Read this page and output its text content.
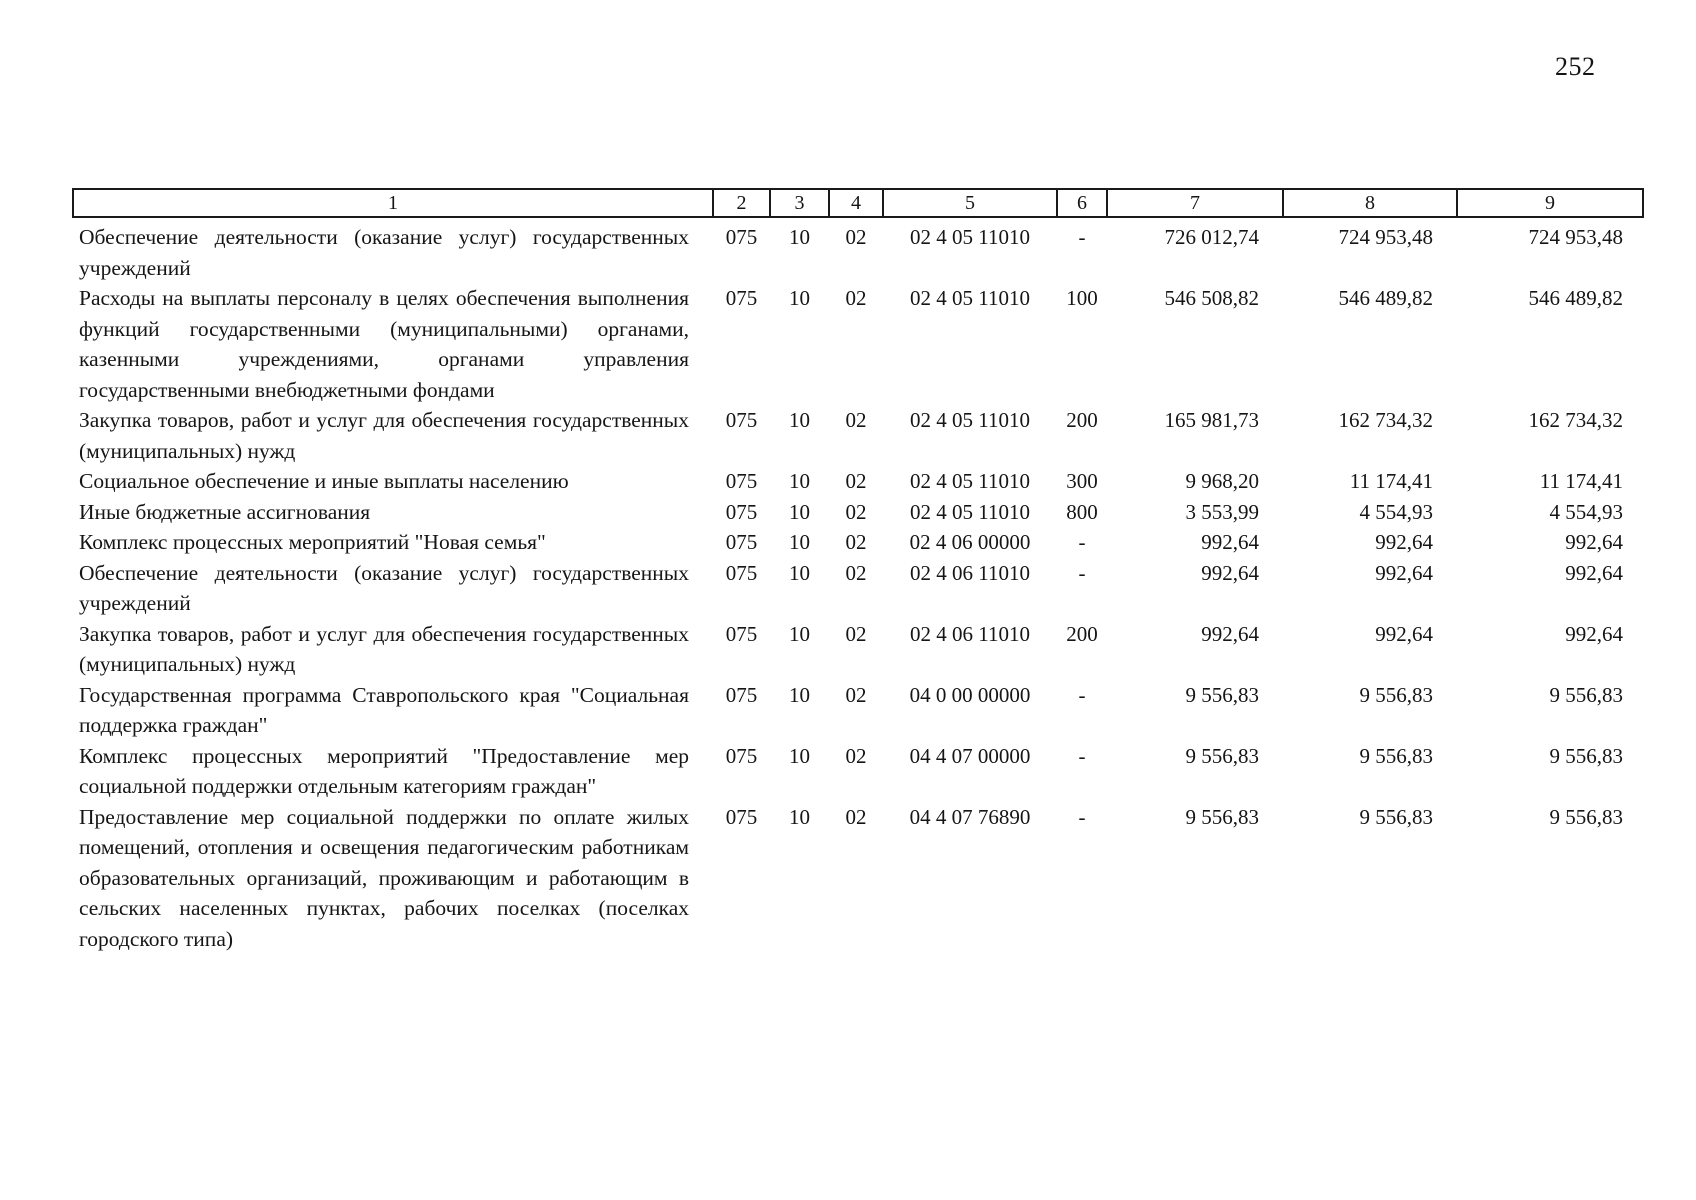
252
1	2	3	4	5	6	7	8	9
Обеспечение деятельности (оказание услуг) государственных учреждений	075	10	02	02 4 05 11010	-	726 012,74	724 953,48	724 953,48
Расходы на выплаты персоналу в целях обеспечения выполнения функций государственными (муниципальными) органами, казенными учреждениями, органами управления государственными внебюджетными фондами	075	10	02	02 4 05 11010	100	546 508,82	546 489,82	546 489,82
Закупка товаров, работ и услуг для обеспечения государственных (муниципальных) нужд	075	10	02	02 4 05 11010	200	165 981,73	162 734,32	162 734,32
Социальное обеспечение и иные выплаты населению	075	10	02	02 4 05 11010	300	9 968,20	11 174,41	11 174,41
Иные бюджетные ассигнования	075	10	02	02 4 05 11010	800	3 553,99	4 554,93	4 554,93
Комплекс процессных мероприятий "Новая семья"	075	10	02	02 4 06 00000	-	992,64	992,64	992,64
Обеспечение деятельности (оказание услуг) государственных учреждений	075	10	02	02 4 06 11010	-	992,64	992,64	992,64
Закупка товаров, работ и услуг для обеспечения государственных (муниципальных) нужд	075	10	02	02 4 06 11010	200	992,64	992,64	992,64
Государственная программа Ставропольского края "Социальная поддержка граждан"	075	10	02	04 0 00 00000	-	9 556,83	9 556,83	9 556,83
Комплекс процессных мероприятий "Предоставление мер социальной поддержки отдельным категориям граждан"	075	10	02	04 4 07 00000	-	9 556,83	9 556,83	9 556,83
Предоставление мер социальной поддержки по оплате жилых помещений, отопления и освещения педагогическим работникам образовательных организаций, проживающим и работающим в сельских населенных пунктах, рабочих поселках (поселках городского типа)	075	10	02	04 4 07 76890	-	9 556,83	9 556,83	9 556,83
